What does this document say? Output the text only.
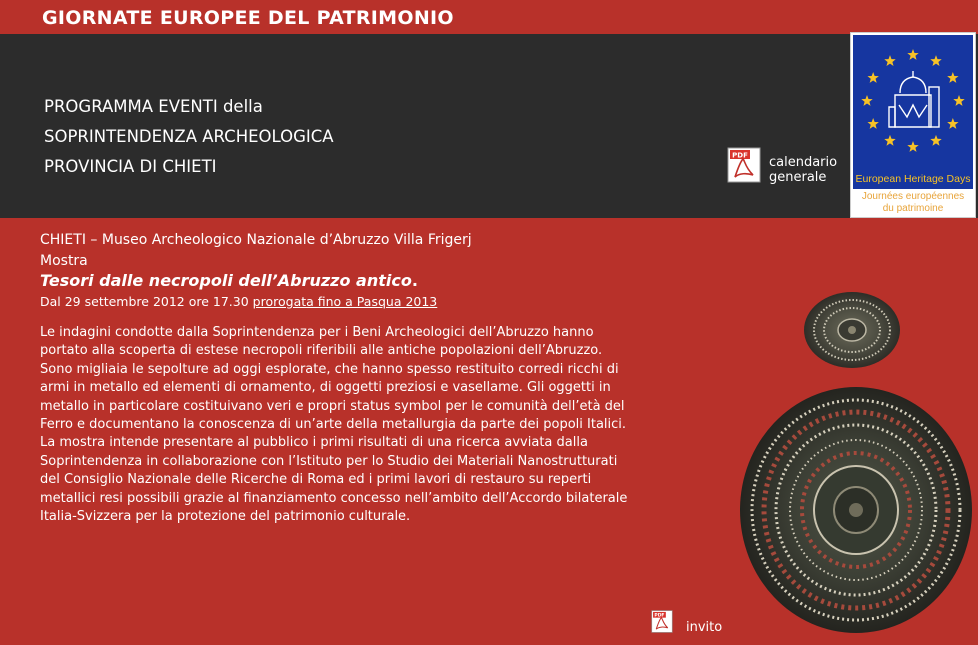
GIORNATE EUROPEE DEL PATRIMONIO
PROGRAMMA EVENTI della
SOPRINTENDENZA ARCHEOLOGICA
PROVINCIA DI CHIETI
PDF calendario
generale	European Heritage Days
Journées européennes
du patrimoine
CHIETI – Museo Archeologico Nazionale d’Abruzzo Villa Frigerj
Mostra
Tesori dalle necropoli dell’Abruzzo antico.
Dal 29 settembre 2012 ore 17.30 prorogata fino a Pasqua 2013
Le indagini condotte dalla Soprintendenza per i Beni Archeologici dell’Abruzzo hanno portato alla scoperta di estese necropoli riferibili alle antiche popolazioni dell’Abruzzo.
Sono migliaia le sepolture ad oggi esplorate, che hanno spesso restituito corredi ricchi di armi in metallo ed elementi di ornamento, di oggetti preziosi e vasellame. Gli oggetti in metallo in particolare costituivano veri e propri status symbol per le comunità dell’età del Ferro e documentano la conoscenza di un’arte della metallurgia da parte dei popoli Italici.
La mostra intende presentare al pubblico i primi risultati di una ricerca avviata dalla Soprintendenza in collaborazione con l’Istituto per lo Studio dei Materiali Nanostrutturati del Consiglio Nazionale delle Ricerche di Roma ed i primi lavori di restauro su reperti metallici resi possibili grazie al finanziamento concesso nell’ambito dell’Accordo bilaterale Italia-Svizzera per la protezione del patrimonio culturale.
PDF
invito
